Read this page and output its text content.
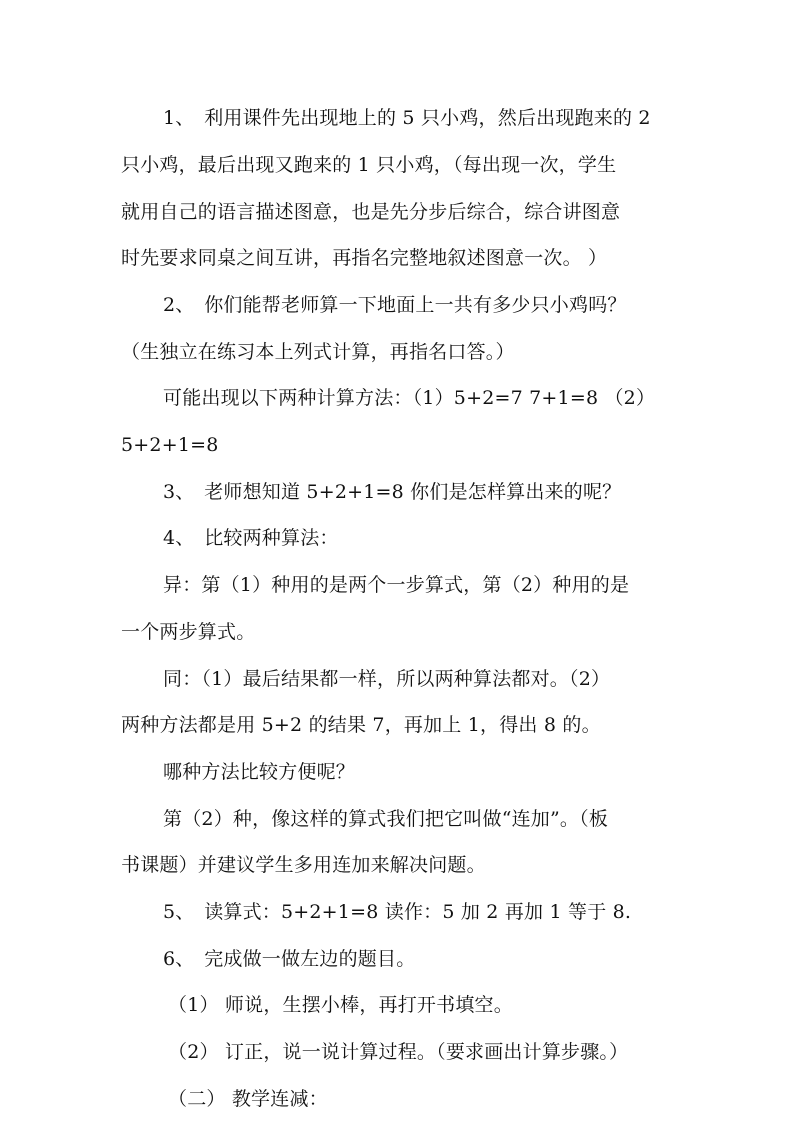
1、　利用课件先出现地上的 5 只小鸡，然后出现跑来的 2
只小鸡，最后出现又跑来的 1 只小鸡，（每出现一次，学生
就用自己的语言描述图意，也是先分步后综合，综合讲图意
时先要求同桌之间互讲，再指名完整地叙述图意一次。 ）
2、　你们能帮老师算一下地面上一共有多少只小鸡吗？
（生独立在练习本上列式计算，再指名口答。）
可能出现以下两种计算方法：（1）5+2=7 7+1=8 （2）
5+2+1=8
3、　老师想知道 5+2+1=8 你们是怎样算出来的呢？
4、　比较两种算法：
异：第（1）种用的是两个一步算式，第（2）种用的是
一个两步算式。
同：（1）最后结果都一样，所以两种算法都对。（2）
两种方法都是用 5+2 的结果 7，再加上 1，得出 8 的。
哪种方法比较方便呢？
第（2）种，像这样的算式我们把它叫做“连加”。（板
书课题）并建议学生多用连加来解决问题。
5、　读算式：5+2+1=8 读作：5 加 2 再加 1 等于 8.
6、　完成做一做左边的题目。
（1） 师说，生摆小棒，再打开书填空。
（2） 订正，说一说计算过程。（要求画出计算步骤。）
（二） 教学连减：
